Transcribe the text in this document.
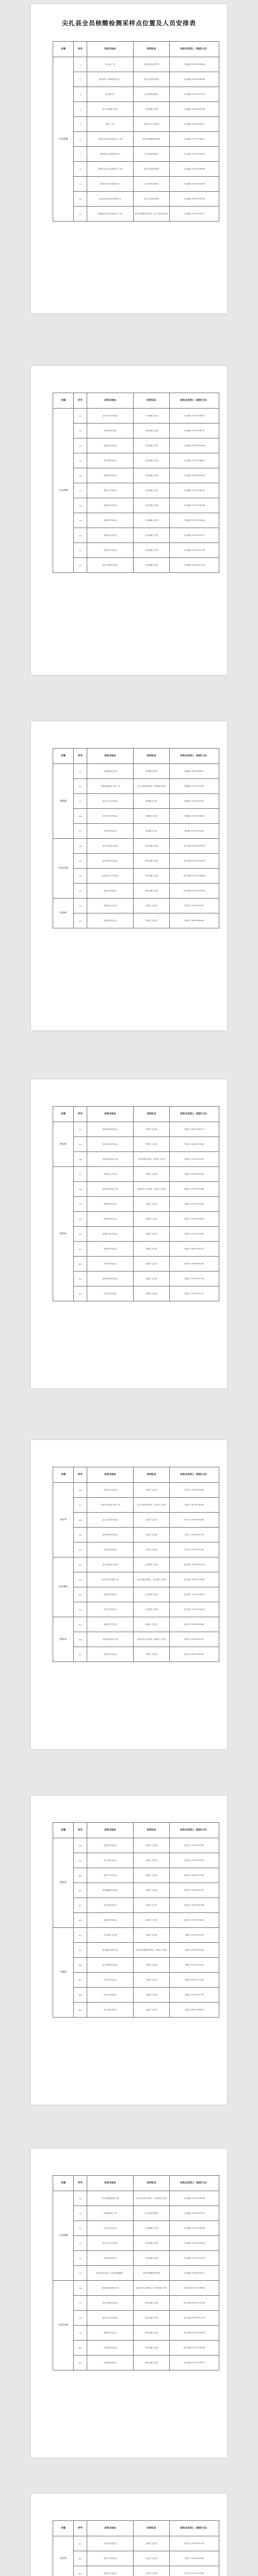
尖扎县全员核酸检测采样点位置及人员安排表
乡镇	序号	采样点地址	采样队伍	采样点负责人（联系方式）
马克唐镇	1	县文化广场	县人民医院采样组	马克唐镇 13897038456
	2	县体育馆（城南新区社区）	县人民医院采样组	马克唐镇 13897038426
	3	县民族中学	县中医院采样组	马克唐镇 13519737712
	4	县马克唐镇卫生院	马克唐镇卫生院	马克唐镇 18909732356
	5	县第二小学	县疾控中心采样组	马克唐镇 13897038711
	6	县城北社区综合服务中心门前	县妇幼保健院采样组	马克唐镇 13709736651
	7	县城西社区便民服务中心	县中医院采样组	马克唐镇 13997339281
	8	县城东社区综合服务中心门前	县人民医院采样组	马克唐镇 13897038563
	9	县城中社区综合服务中心	县中医院采样组	马克唐镇 15597334128
	10	县尖扎滩社区综合服务中心	县人民医院采样组	马克唐镇 18997230316
	11	县城南社区综合服务中心门前	县妇幼保健院采样组（县人民医院协助）	马克唐镇 13709735327
乡镇	序号	采样点地址	采样队伍	采样点负责人（联系方式）
马克唐镇	12	县古什当村村委会	马克唐镇卫生院	马克唐镇 13897038312
	13	县河滩村村委会	马克唐镇卫生院	马克唐镇 15597338725
	14	县麻巴村村委会	马克唐镇卫生院	马克唐镇 18709731645
	15	县羊智村村委会	马克唐镇卫生院	马克唐镇 13519738820
	16	县洛哇村村委会	马克唐镇卫生院	马克唐镇 13897039045
	17	县城上村村委会	马克唐镇卫生院	马克唐镇 13997336702
	18	县夏琼村村委会	马克唐镇卫生院	马克唐镇 18797330189
	19	县德吉村村委会	马克唐镇卫生院	马克唐镇 13709736284
	20	县娘毛村村委会	马克唐镇卫生院	马克唐镇 15509732271
	21	县哇家村村委会	马克唐镇卫生院	马克唐镇 13897037158
	22	县沙巴滩村村委会	马克唐镇卫生院	马克唐镇 18997237734
乡镇	序号	采样点地址	采样队伍	采样点负责人（联系方式）
康杨镇	23	县康杨镇卫生院	康杨镇卫生院	康杨镇 13897038871
	24	县康杨镇政府门前广场	县人民医院采样组、康杨镇卫生院	康杨镇 13709737435
	25	县沙力木村村委会	康杨镇卫生院	康杨镇 15597331092
	26	县宗子拉村村委会	康杨镇卫生院	康杨镇 13519736608
	27	县巴家村村委会	康杨镇卫生院	康杨镇 18709734451
坎布拉镇	28	县坎布拉镇卫生院	坎布拉镇卫生院	坎布拉镇 13897039562
	29	县李家峡村村委会	坎布拉镇卫生院	坎布拉镇 13997335518
	30	县直岗拉卡村村委会	坎布拉镇卫生院	坎布拉镇 15509738806
	31	县南当村村委会	坎布拉镇卫生院	坎布拉镇 18797332643
贾加乡	32	县贾加乡卫生院	贾加乡卫生院	贾加乡 13709738257
	33	县贾加村村委会	贾加乡卫生院	贾加乡 13897036640
乡镇	序号	采样点地址	采样队伍	采样点负责人（联系方式）
贾加乡	34	县移民新村村委会	贾加乡卫生院	贾加乡 15597336217
	35	县如什其村村委会	贾加乡卫生院	贾加乡 18909733582
	36	县贾加乡政府门前	县中医院采样组、贾加乡卫生院	贾加乡 13519734419
措周乡	37	县措周乡卫生院	措周乡卫生院	措周乡 13897035590
	38	县措周乡政府门前	县疾控中心采样组、措周乡卫生院	措周乡 18709737068
	39	县俄家村村委会	措周乡卫生院	措周乡 13997331845
	40	县措香村村委会	措周乡卫生院	措周乡 15509736633
	41	县俄什加村村委会	措周乡卫生院	措周乡 13709732904
	42	县洛科村村委会	措周乡卫生院	措周乡 18997235172
	43	县东加村村委会	措周乡卫生院	措周乡 13897034481
	44	县果什则村村委会	措周乡卫生院	措周乡 15597332756
	45	县尕布村村委会	措周乡卫生院	措周乡 13519731137
乡镇	序号	采样点地址	采样队伍	采样点负责人（联系方式）
昂拉乡	46	县昂拉乡卫生院	昂拉乡卫生院	昂拉乡 13897033862
	47	县昂拉乡政府门前广场	县人民医院采样组、昂拉乡卫生院	昂拉乡 18709738594
	48	县尖巴昂村村委会	昂拉乡卫生院	昂拉乡 13997330428
	49	县牙那东村村委会	昂拉乡卫生院	昂拉乡 15509734716
	50	县东果村村委会	昂拉乡卫生院	昂拉乡 13709731359
尖扎滩乡	51	县尖扎滩乡卫生院	尖扎滩乡卫生院	尖扎滩乡 13897032247
	52	县尖扎滩乡政府门前	县中医院采样组、尖扎滩乡卫生院	尖扎滩乡 18997233681
	53	县洛哇村村委会	尖扎滩乡卫生院	尖扎滩乡 15597330913
	54	县来玉村村委会	尖扎滩乡卫生院	尖扎滩乡 13519739574
能科乡	55	县能科乡卫生院	能科乡卫生院	能科乡 13897031608
	56	县能科乡政府门前	县疾控中心采样组、能科乡卫生院	能科乡 18709735237
	57	县德欠村村委会	能科乡卫生院	能科乡 13997338160
乡镇	序号	采样点地址	采样队伍	采样点负责人（联系方式）
能科乡	58	县措加村村委会	能科乡卫生院	能科乡 15509731492
	59	县卡加村村委会	能科乡卫生院	能科乡 13709735823
	60	县香干村村委会	能科乡卫生院	能科乡 18997231506
	61	县夏藏滩村村委会	能科乡卫生院	能科乡 13897030775
	62	县尖加村村委会	能科乡卫生院	能科乡 15597339348
	63	县加让村村委会	能科乡卫生院	能科乡 13519732681
当顺乡	64	县当顺乡卫生院	当顺乡卫生院	当顺乡 13897039216
	65	县当顺乡政府门前	县妇幼保健院采样组、当顺乡卫生院	当顺乡 18709732459
	66	县古浪堤村村委会	当顺乡卫生院	当顺乡 13997337503
	67	县卡拉村村委会	当顺乡卫生院	当顺乡 15509737164
	68	县东当村村委会	当顺乡卫生院	当顺乡 13709734738
	69	县乃曲村村委会	当顺乡卫生院	当顺乡 18997238927
乡镇	序号	采样点地址	采样队伍	采样点负责人（联系方式）
马克唐镇	70	县马克唐镇政府门前	县人民医院采样组、马克唐镇卫生院	马克唐镇 13897036359
	71	县城南新区广场	县中医院采样组	马克唐镇 15597337821
	72	县江拉村村委会	马克唐镇卫生院	马克唐镇 13519735046
	73	县苏合日村村委会	马克唐镇卫生院	马克唐镇 18709739316
	74	县直岗村村委会	马克唐镇卫生院	马克唐镇 13997332592
	75	县加毛村村委会（县妇幼保健院）	县妇幼保健院采样组	马克唐镇 15509735971
坎布拉镇	76	县坎布拉镇政府门前	县疾控中心采样组、坎布拉镇卫生院	坎布拉镇 13709739684
	77	县尕吾塘村村委会	坎布拉镇卫生院	坎布拉镇 18997234365
	78	县拉夫旦村村委会	坎布拉镇卫生院	坎布拉镇 13897037742
	79	县德洪村村委会	坎布拉镇卫生院	坎布拉镇 15597335083
	80	县吉隆村村委会	坎布拉镇卫生院	坎布拉镇 13519730268
	81	县荒滩村村委会	坎布拉镇卫生院	坎布拉镇 18709736751
乡镇	序号	采样点地址	采样队伍	采样点负责人（联系方式）
昂拉乡	82	县河东村村委会	昂拉乡卫生院	昂拉乡 13897035118
	83	县拉卡村村委会	昂拉乡卫生院	昂拉乡 15509732487
	84	县德吉村村委会	昂拉乡卫生院	昂拉乡 13709737926
